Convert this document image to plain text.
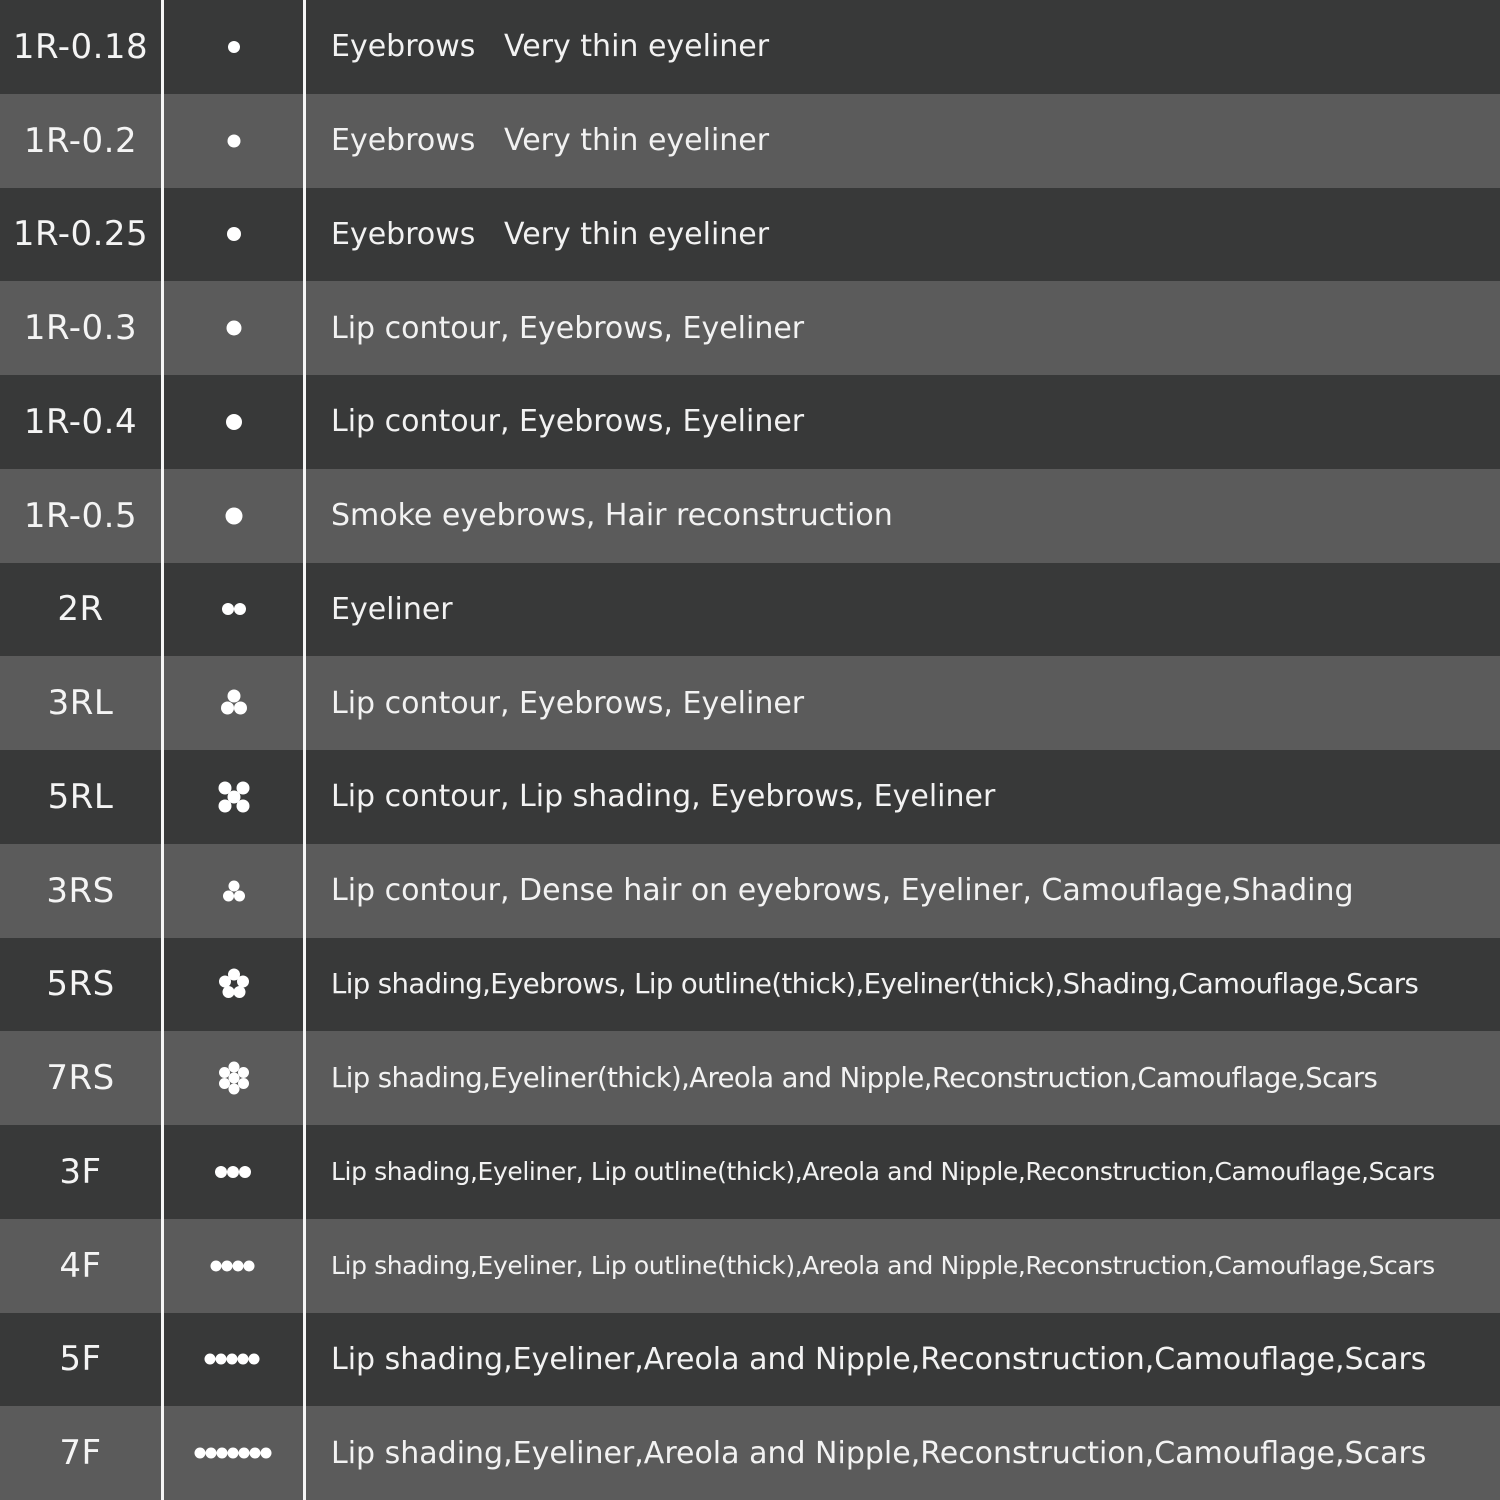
1R-0.18	Eyebrows   Very thin eyeliner
1R-0.2	Eyebrows   Very thin eyeliner
1R-0.25	Eyebrows   Very thin eyeliner
1R-0.3	Lip contour, Eyebrows, Eyeliner
1R-0.4	Lip contour, Eyebrows, Eyeliner
1R-0.5	Smoke eyebrows, Hair reconstruction
2R	Eyeliner
3RL	Lip contour, Eyebrows, Eyeliner
5RL	Lip contour, Lip shading, Eyebrows, Eyeliner
3RS	Lip contour, Dense hair on eyebrows, Eyeliner, Camouflage,Shading
5RS	Lip shading,Eyebrows, Lip outline(thick),Eyeliner(thick),Shading,Camouflage,Scars
7RS	Lip shading,Eyeliner(thick),Areola and Nipple,Reconstruction,Camouflage,Scars
3F	Lip shading,Eyeliner, Lip outline(thick),Areola and Nipple,Reconstruction,Camouflage,Scars
4F	Lip shading,Eyeliner, Lip outline(thick),Areola and Nipple,Reconstruction,Camouflage,Scars
5F	Lip shading,Eyeliner,Areola and Nipple,Reconstruction,Camouflage,Scars
7F	Lip shading,Eyeliner,Areola and Nipple,Reconstruction,Camouflage,Scars
